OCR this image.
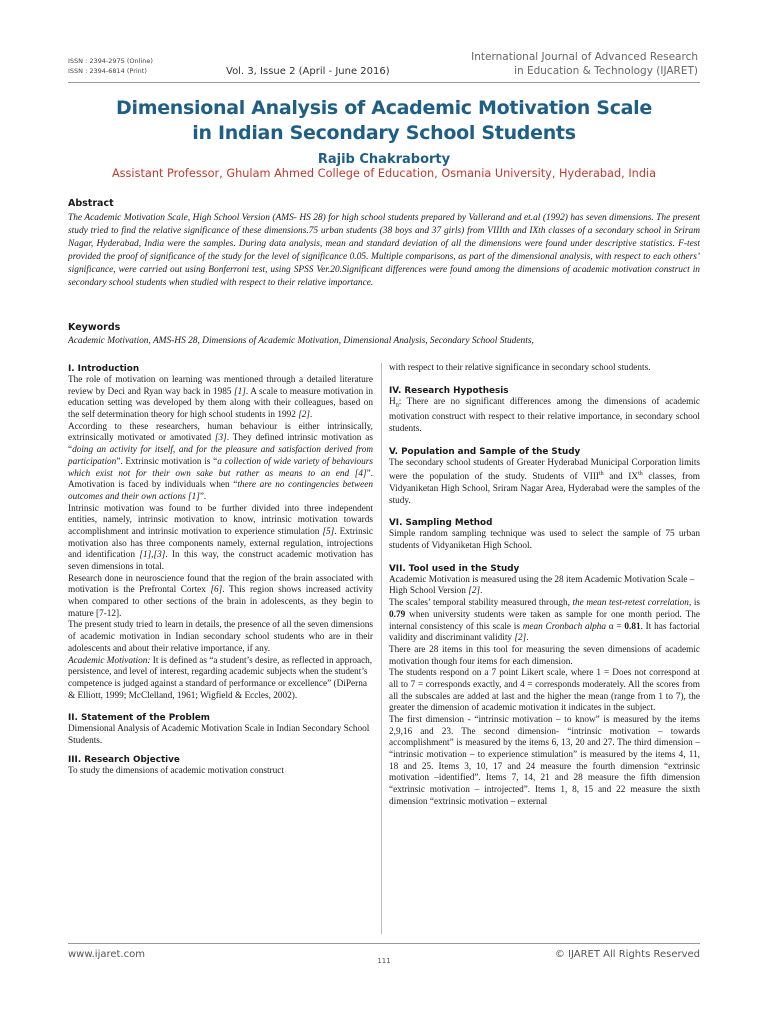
ISSN : 2394-2975 (Online)
ISSN : 2394-6814 (Print)	Vol. 3, Issue 2 (April - June 2016)
International Journal of Advanced Research
in Education & Technology (IJARET)
Dimensional Analysis of Academic Motivation Scale
in Indian Secondary School Students
Rajib Chakraborty
Assistant Professor, Ghulam Ahmed College of Education, Osmania University, Hyderabad, India
Abstract
The Academic Motivation Scale, High School Version (AMS- HS 28) for high school students prepared by Vallerand and et.al (1992) has seven dimensions. The present study tried to find the relative significance of these dimensions.75 urban students (38 boys and 37 girls) from VIIIth and IXth classes of a secondary school in Sriram Nagar, Hyderabad, India were the samples. During data analysis, mean and standard deviation of all the dimensions were found under descriptive statistics. F-test provided the proof of significance of the study for the level of significance 0.05. Multiple comparisons, as part of the dimensional analysis, with respect to each others’ significance, were carried out using Bonferroni test, using SPSS Ver.20.Significant differences were found among the dimensions of academic motivation construct in secondary school students when studied with respect to their relative importance.
Keywords
Academic Motivation, AMS-HS 28, Dimensions of Academic Motivation, Dimensional Analysis, Secondary School Students,
I. Introduction

The role of motivation on learning was mentioned through a detailed literature review by Deci and Ryan way back in 1985 [1]. A scale to measure motivation in education setting was developed by them along with their colleagues, based on the self determination theory for high school students in 1992 [2].

According to these researchers, human behaviour is either intrinsically, extrinsically motivated or amotivated [3]. They defined intrinsic motivation as “doing an activity for itself, and for the pleasure and satisfaction derived from participation”. Extrinsic motivation is “a collection of wide variety of behaviours which exist not for their own sake but rather as means to an end [4]”. Amotivation is faced by individuals when “there are no contingencies between outcomes and their own actions [1]”.

Intrinsic motivation was found to be further divided into three independent entities, namely, intrinsic motivation to know, intrinsic motivation towards accomplishment and intrinsic motivation to experience stimulation [5]. Extrinsic motivation also has three components namely, external regulation, introjections and identification [1],[3]. In this way, the construct academic motivation has seven dimensions in total.

Research done in neuroscience found that the region of the brain associated with motivation is the Prefrontal Cortex [6]. This region shows increased activity when compared to other sections of the brain in adolescents, as they begin to mature [7-12].

The present study tried to learn in details, the presence of all the seven dimensions of academic motivation in Indian secondary school students who are in their adolescents and about their relative importance, if any.

Academic Motivation: It is defined as “a student’s desire, as reflected in approach, persistence, and level of interest, regarding academic subjects when the student’s competence is judged against a standard of performance or excellence” (DiPerna & Elliott, 1999; McClelland, 1961; Wigfield & Eccles, 2002).

II. Statement of the Problem

Dimensional Analysis of Academic Motivation Scale in Indian Secondary School Students.

III. Research Objective

To study the dimensions of academic motivation construct

with respect to their relative significance in secondary school students.

IV. Research Hypothesis

$H_0$: There are no significant differences among the dimensions of academic motivation construct with respect to their relative importance, in secondary school students.

V. Population and Sample of the Study

The secondary school students of Greater Hyderabad Municipal Corporation limits were the population of the study. Students of VIIIth and IXth classes, from Vidyaniketan High School, Sriram Nagar Area, Hyderabad were the samples of the study.

VI. Sampling Method

Simple random sampling technique was used to select the sample of 75 urban students of Vidyaniketan High School.

VII. Tool used in the Study

Academic Motivation is measured using the 28 item Academic Motivation Scale – High School Version [2].

The scales’ temporal stability measured through, the mean test-retest correlation, is 0.79 when university students were taken as sample for one month period. The internal consistency of this scale is mean Cronbach alpha α = 0.81. It has factorial validity and discriminant validity [2].

There are 28 items in this tool for measuring the seven dimensions of academic motivation though four items for each dimension.

The students respond on a 7 point Likert scale, where 1 = Does not correspond at all to 7 = corresponds exactly, and 4 = corresponds moderately. All the scores from all the subscales are added at last and the higher the mean (range from 1 to 7), the greater the dimension of academic motivation it indicates in the subject.

The first dimension - “intrinsic motivation – to know” is measured by the items 2,9,16 and 23. The second dimension- “intrinsic motivation – towards accomplishment” is measured by the items 6, 13, 20 and 27. The third dimension – “intrinsic motivation – to experience stimulation” is measured by the items 4, 11, 18 and 25. Items 3, 10, 17 and 24 measure the fourth dimension “extrinsic motivation –identified”. Items 7, 14, 21 and 28 measure the fifth dimension “extrinsic motivation – introjected”. Items 1, 8, 15 and 22 measure the sixth dimension “extrinsic motivation – external

www.ijaret.com
111
© IJARET All Rights Reserved
